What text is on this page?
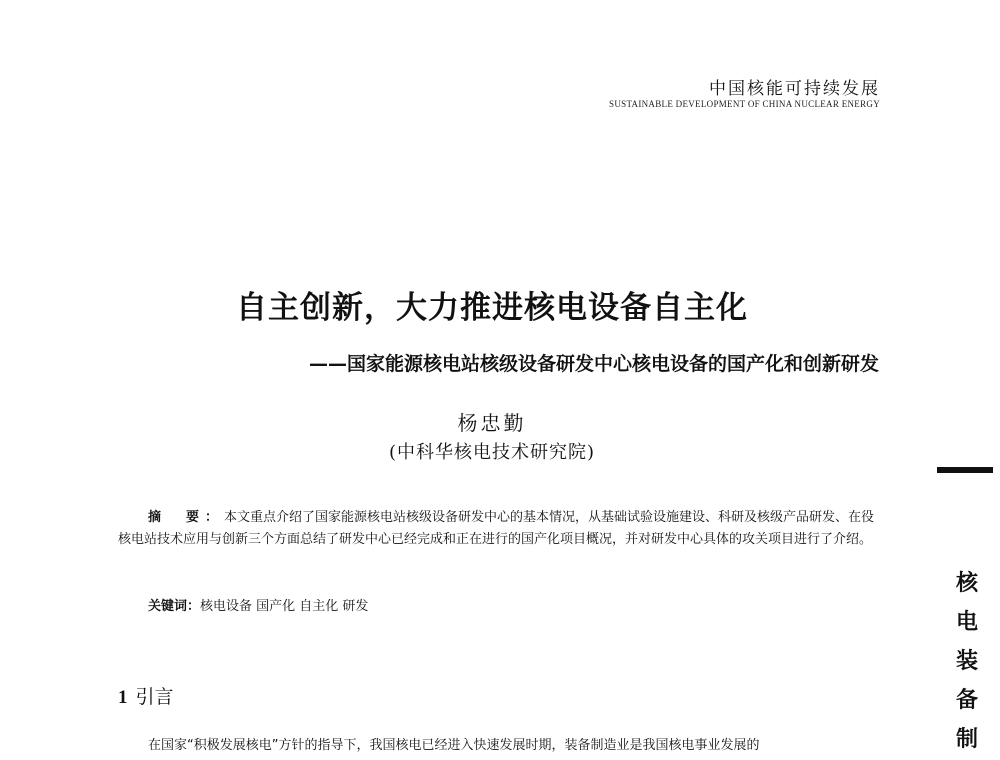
中国核能可持续发展
SUSTAINABLE DEVELOPMENT OF CHINA NUCLEAR ENERGY
自主创新，大力推进核电设备自主化
——国家能源核电站核级设备研发中心核电设备的国产化和创新研发
杨忠勤
(中科华核电技术研究院)

摘　要：本文重点介绍了国家能源核电站核级设备研发中心的基本情况，从基础试验设施建设、科研及核级产品研发、在役核电站技术应用与创新三个方面总结了研发中心已经完成和正在进行的国产化项目概况，并对研发中心具体的攻关项目进行了介绍。

关键词：核电设备 国产化 自主化 研发
1 引言

在国家“积极发展核电”方针的指导下，我国核电已经进入快速发展时期，装备制造业是我国核电事业发展的

核
电
装
备
制
